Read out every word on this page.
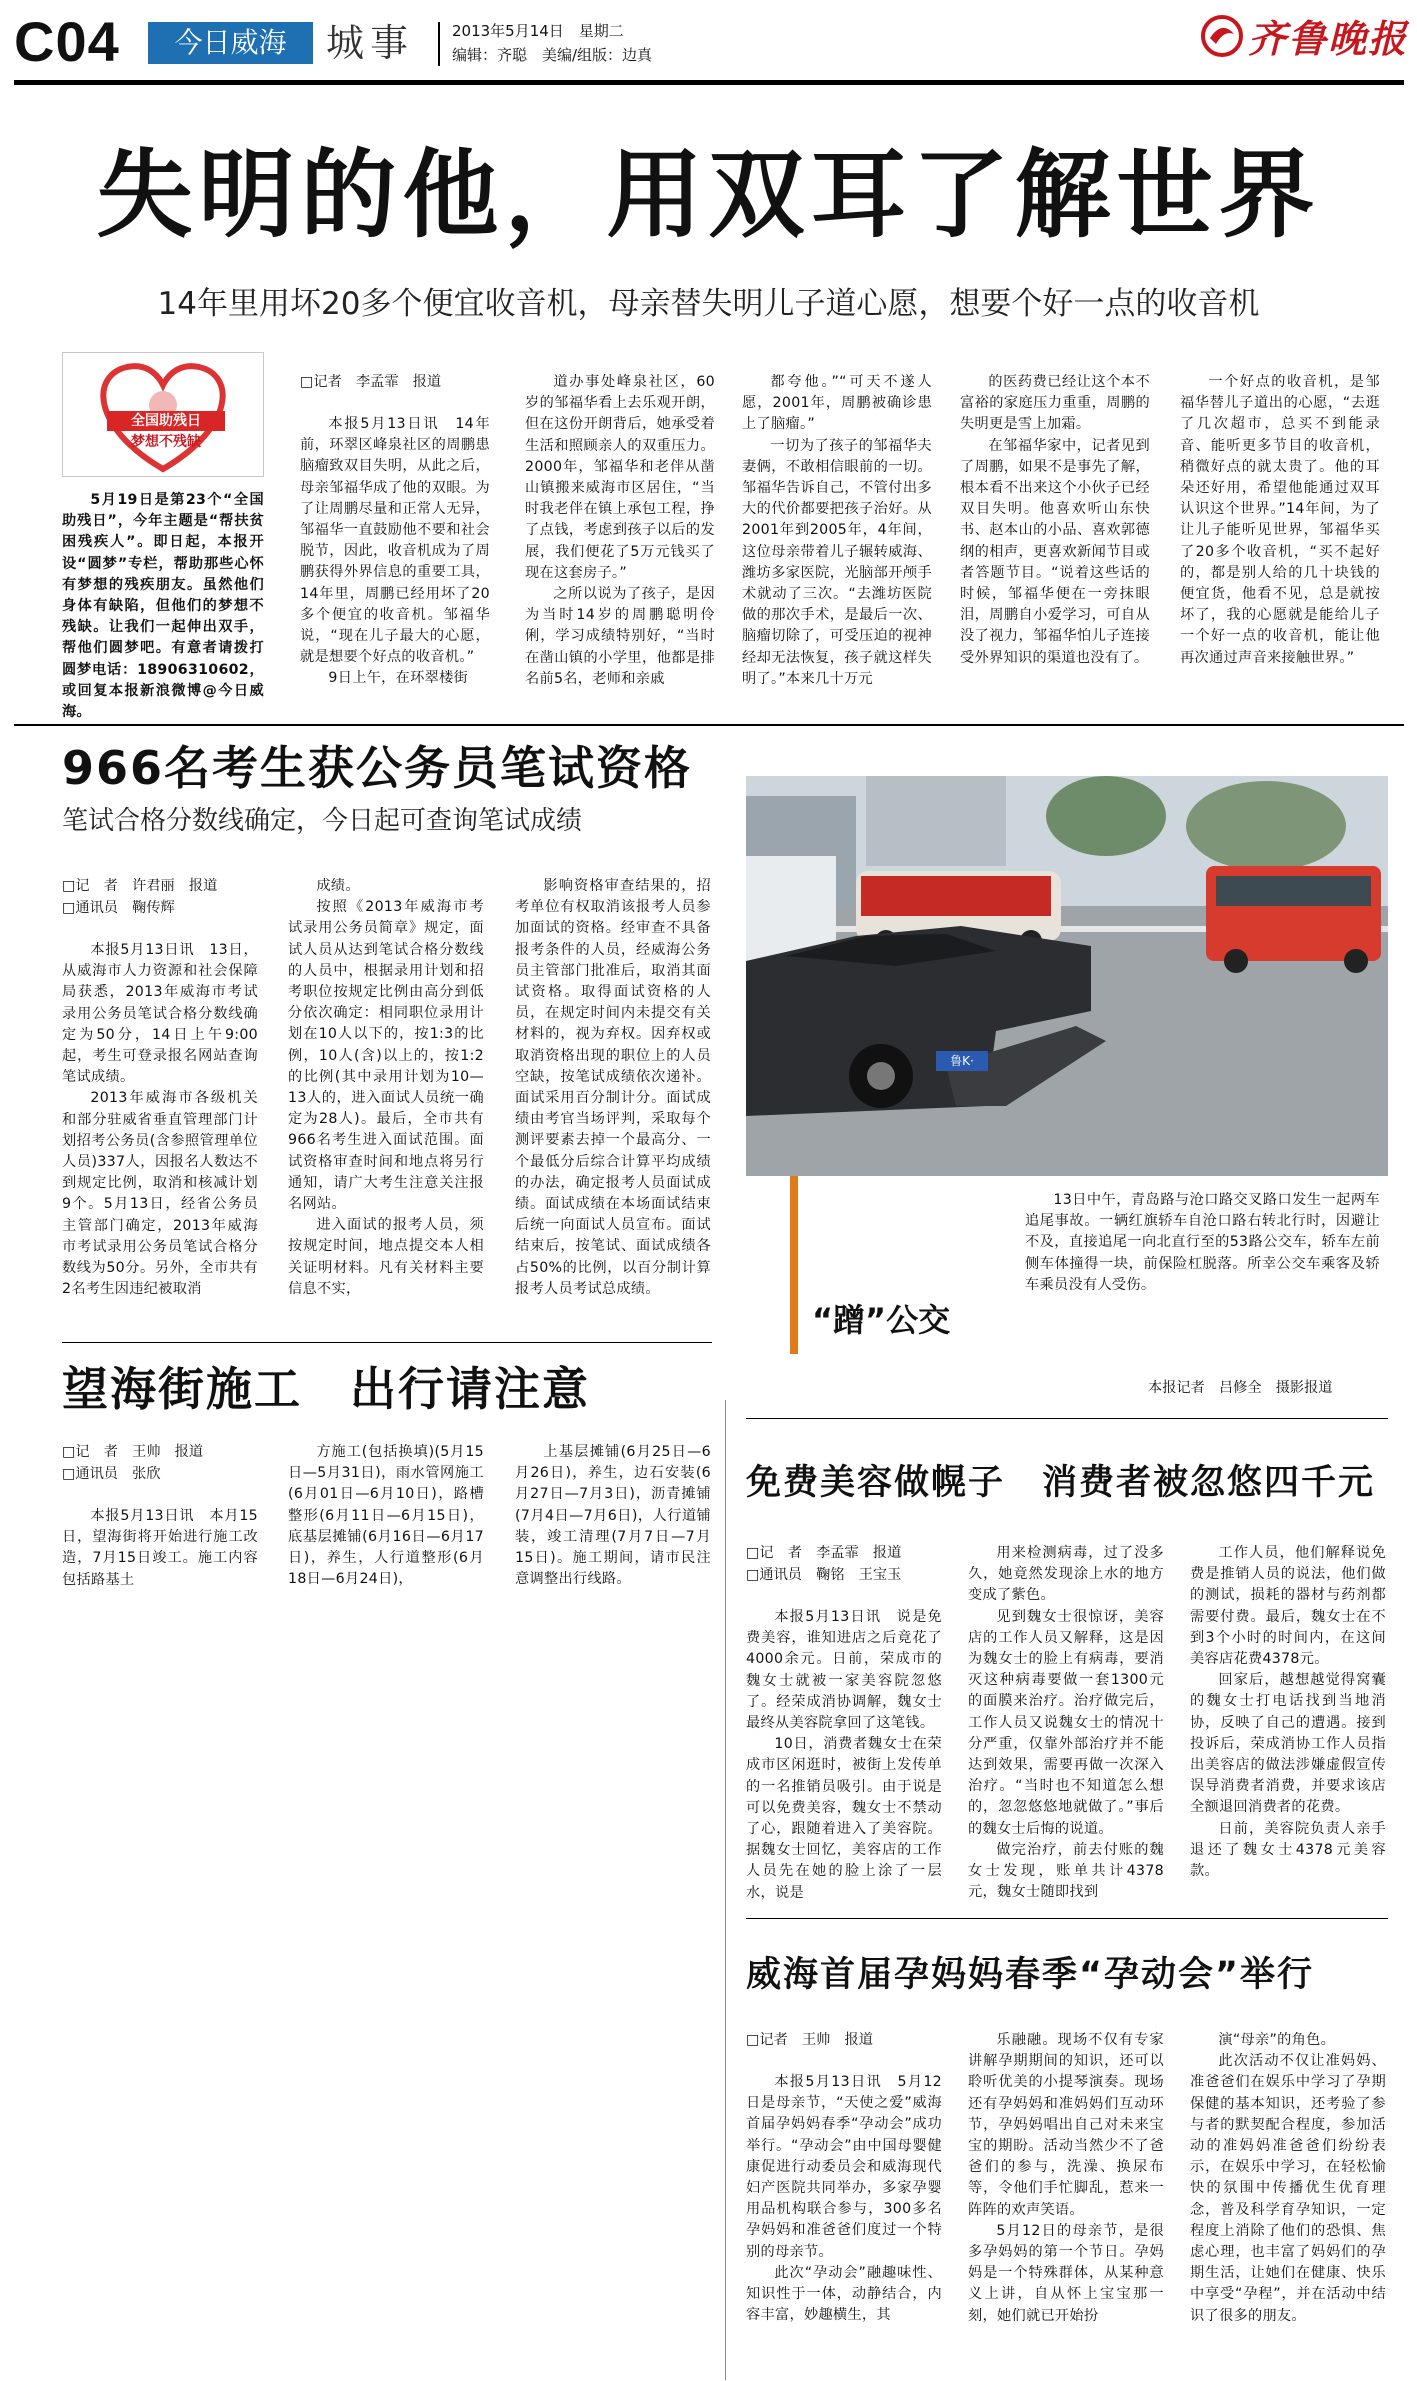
C04	今日威海	城事	2013年5月14日　星期二
编辑：齐聪　美编/组版：边真	齐鲁晚报
失明的他，用双耳了解世界
14年里用坏20多个便宜收音机，母亲替失明儿子道心愿，想要个好一点的收音机
全国助残日
梦想不残缺

5月19日是第23个“全国助残日”，今年主题是“帮扶贫困残疾人”。即日起，本报开设“圆梦”专栏，帮助那些心怀有梦想的残疾朋友。虽然他们身体有缺陷，但他们的梦想不残缺。让我们一起伸出双手，帮他们圆梦吧。有意者请拨打圆梦电话：18906310602，或回复本报新浪微博@今日威海。

□记者　李孟霏　报道

本报5月13日讯　14年前，环翠区峰泉社区的周鹏患脑瘤致双目失明，从此之后，母亲邹福华成了他的双眼。为了让周鹏尽量和正常人无异，邹福华一直鼓励他不要和社会脱节，因此，收音机成为了周鹏获得外界信息的重要工具，14年里，周鹏已经用坏了20多个便宜的收音机。邹福华说，“现在儿子最大的心愿，就是想要个好点的收音机。”

9日上午，在环翠楼街

道办事处峰泉社区，60岁的邹福华看上去乐观开朗，但在这份开朗背后，她承受着生活和照顾亲人的双重压力。2000年，邹福华和老伴从凿山镇搬来威海市区居住，“当时我老伴在镇上承包工程，挣了点钱，考虑到孩子以后的发展，我们便花了5万元钱买了现在这套房子。”

之所以说为了孩子，是因为当时14岁的周鹏聪明伶俐，学习成绩特别好，“当时在凿山镇的小学里，他都是排名前5名，老师和亲戚

都夸他。”“可天不遂人愿，2001年，周鹏被确诊患上了脑瘤。”

一切为了孩子的邹福华夫妻俩，不敢相信眼前的一切。邹福华告诉自己，不管付出多大的代价都要把孩子治好。从2001年到2005年，4年间，这位母亲带着儿子辗转威海、潍坊多家医院，光脑部开颅手术就动了三次。“去潍坊医院做的那次手术，是最后一次、脑瘤切除了，可受压迫的视神经却无法恢复，孩子就这样失明了。”本来几十万元

的医药费已经让这个本不富裕的家庭压力重重，周鹏的失明更是雪上加霜。

在邹福华家中，记者见到了周鹏，如果不是事先了解，根本看不出来这个小伙子已经双目失明。他喜欢听山东快书、赵本山的小品、喜欢郭德纲的相声，更喜欢新闻节目或者答题节目。“说着这些话的时候，邹福华便在一旁抹眼泪，周鹏自小爱学习，可自从没了视力，邹福华怕儿子连接受外界知识的渠道也没有了。

一个好点的收音机，是邹福华替儿子道出的心愿，“去逛了几次超市，总买不到能录音、能听更多节目的收音机，稍微好点的就太贵了。他的耳朵还好用，希望他能通过双耳认识这个世界。”14年间，为了让儿子能听见世界，邹福华买了20多个收音机，“买不起好的，都是别人给的几十块钱的便宜货，他看不见，总是就按坏了，我的心愿就是能给儿子一个好一点的收音机，能让他再次通过声音来接触世界。”

966名考生获公务员笔试资格
笔试合格分数线确定，今日起可查询笔试成绩
□记　者　许君丽　报道
□通讯员　鞠传辉

本报5月13日讯　13日，从威海市人力资源和社会保障局获悉，2013年威海市考试录用公务员笔试合格分数线确定为50分，14日上午9:00起，考生可登录报名网站查询笔试成绩。

2013年威海市各级机关和部分驻威省垂直管理部门计划招考公务员(含参照管理单位人员)337人，因报名人数达不到规定比例，取消和核减计划9个。5月13日，经省公务员主管部门确定，2013年威海市考试录用公务员笔试合格分数线为50分。另外，全市共有2名考生因违纪被取消

成绩。

按照《2013年威海市考试录用公务员简章》规定，面试人员从达到笔试合格分数线的人员中，根据录用计划和招考职位按规定比例由高分到低分依次确定：相同职位录用计划在10人以下的，按1:3的比例，10人(含)以上的，按1:2的比例(其中录用计划为10—13人的，进入面试人员统一确定为28人)。最后，全市共有966名考生进入面试范围。面试资格审查时间和地点将另行通知，请广大考生注意关注报名网站。

进入面试的报考人员，须按规定时间，地点提交本人相关证明材料。凡有关材料主要信息不实，

影响资格审查结果的，招考单位有权取消该报考人员参加面试的资格。经审查不具备报考条件的人员，经威海公务员主管部门批准后，取消其面试资格。取得面试资格的人员，在规定时间内未提交有关材料的，视为弃权。因弃权或取消资格出现的职位上的人员空缺，按笔试成绩依次递补。面试采用百分制计分。面试成绩由考官当场评判，采取每个测评要素去掉一个最高分、一个最低分后综合计算平均成绩的办法，确定报考人员面试成绩。面试成绩在本场面试结束后统一向面试人员宣布。面试结束后，按笔试、面试成绩各占50%的比例，以百分制计算报考人员考试总成绩。

鲁K·
“蹭”公交

13日中午，青岛路与沧口路交叉路口发生一起两车追尾事故。一辆红旗轿车自沧口路右转北行时，因避让不及，直接追尾一向北直行至的53路公交车，轿车左前侧车体撞得一块，前保险杠脱落。所幸公交车乘客及轿车乘员没有人受伤。

本报记者　吕修全　摄影报道
望海街施工　出行请注意
□记　者　王帅　报道
□通讯员　张欣

本报5月13日讯　本月15日，望海街将开始进行施工改造，7月15日竣工。施工内容包括路基土

方施工(包括换填)(5月15日—5月31日)，雨水管网施工(6月01日—6月10日)，路槽整形(6月11日—6月15日)，底基层摊铺(6月16日—6月17日)，养生，人行道整形(6月18日—6月24日)，

上基层摊铺(6月25日—6月26日)，养生，边石安装(6月27日—7月3日)，沥青摊铺(7月4日—7月6日)，人行道铺装，竣工清理(7月7日—7月15日)。施工期间，请市民注意调整出行线路。

免费美容做幌子　消费者被忽悠四千元
□记　者　李孟霏　报道
□通讯员　鞠铭　王宝玉

本报5月13日讯　说是免费美容，谁知进店之后竟花了4000余元。日前，荣成市的魏女士就被一家美容院忽悠了。经荣成消协调解，魏女士最终从美容院拿回了这笔钱。

10日，消费者魏女士在荣成市区闲逛时，被街上发传单的一名推销员吸引。由于说是可以免费美容，魏女士不禁动了心，跟随着进入了美容院。据魏女士回忆，美容店的工作人员先在她的脸上涂了一层水，说是

用来检测病毒，过了没多久，她竟然发现涂上水的地方变成了紫色。

见到魏女士很惊讶，美容店的工作人员又解释，这是因为魏女士的脸上有病毒，要消灭这种病毒要做一套1300元的面膜来治疗。治疗做完后，工作人员又说魏女士的情况十分严重，仅靠外部治疗并不能达到效果，需要再做一次深入治疗。“当时也不知道怎么想的，忽忽悠悠地就做了。”事后的魏女士后悔的说道。

做完治疗，前去付账的魏女士发现，账单共计4378元，魏女士随即找到

工作人员，他们解释说免费是推销人员的说法，他们做的测试，损耗的器材与药剂都需要付费。最后，魏女士在不到3个小时的时间内，在这间美容店花费4378元。

回家后，越想越觉得窝囊的魏女士打电话找到当地消协，反映了自己的遭遇。接到投诉后，荣成消协工作人员指出美容店的做法涉嫌虚假宣传误导消费者消费，并要求该店全额退回消费者的花费。

日前，美容院负责人亲手退还了魏女士4378元美容款。

威海首届孕妈妈春季“孕动会”举行
□记者　王帅　报道

本报5月13日讯　5月12日是母亲节，“天使之爱”威海首届孕妈妈春季“孕动会”成功举行。“孕动会”由中国母婴健康促进行动委员会和威海现代妇产医院共同举办，多家孕婴用品机构联合参与，300多名孕妈妈和准爸爸们度过一个特别的母亲节。

此次“孕动会”融趣味性、知识性于一体，动静结合，内容丰富，妙趣横生，其

乐融融。现场不仅有专家讲解孕期期间的知识，还可以聆听优美的小提琴演奏。现场还有孕妈妈和准妈妈们互动环节，孕妈妈唱出自己对未来宝宝的期盼。活动当然少不了爸爸们的参与，洗澡、换尿布等，令他们手忙脚乱，惹来一阵阵的欢声笑语。

5月12日的母亲节，是很多孕妈妈的第一个节日。孕妈妈是一个特殊群体，从某种意义上讲，自从怀上宝宝那一刻，她们就已开始扮

演“母亲”的角色。

此次活动不仅让准妈妈、准爸爸们在娱乐中学习了孕期保健的基本知识，还考验了参与者的默契配合程度，参加活动的准妈妈准爸爸们纷纷表示，在娱乐中学习，在轻松愉快的氛围中传播优生优育理念，普及科学育孕知识，一定程度上消除了他们的恐惧、焦虑心理，也丰富了妈妈们的孕期生活，让她们在健康、快乐中享受“孕程”，并在活动中结识了很多的朋友。
